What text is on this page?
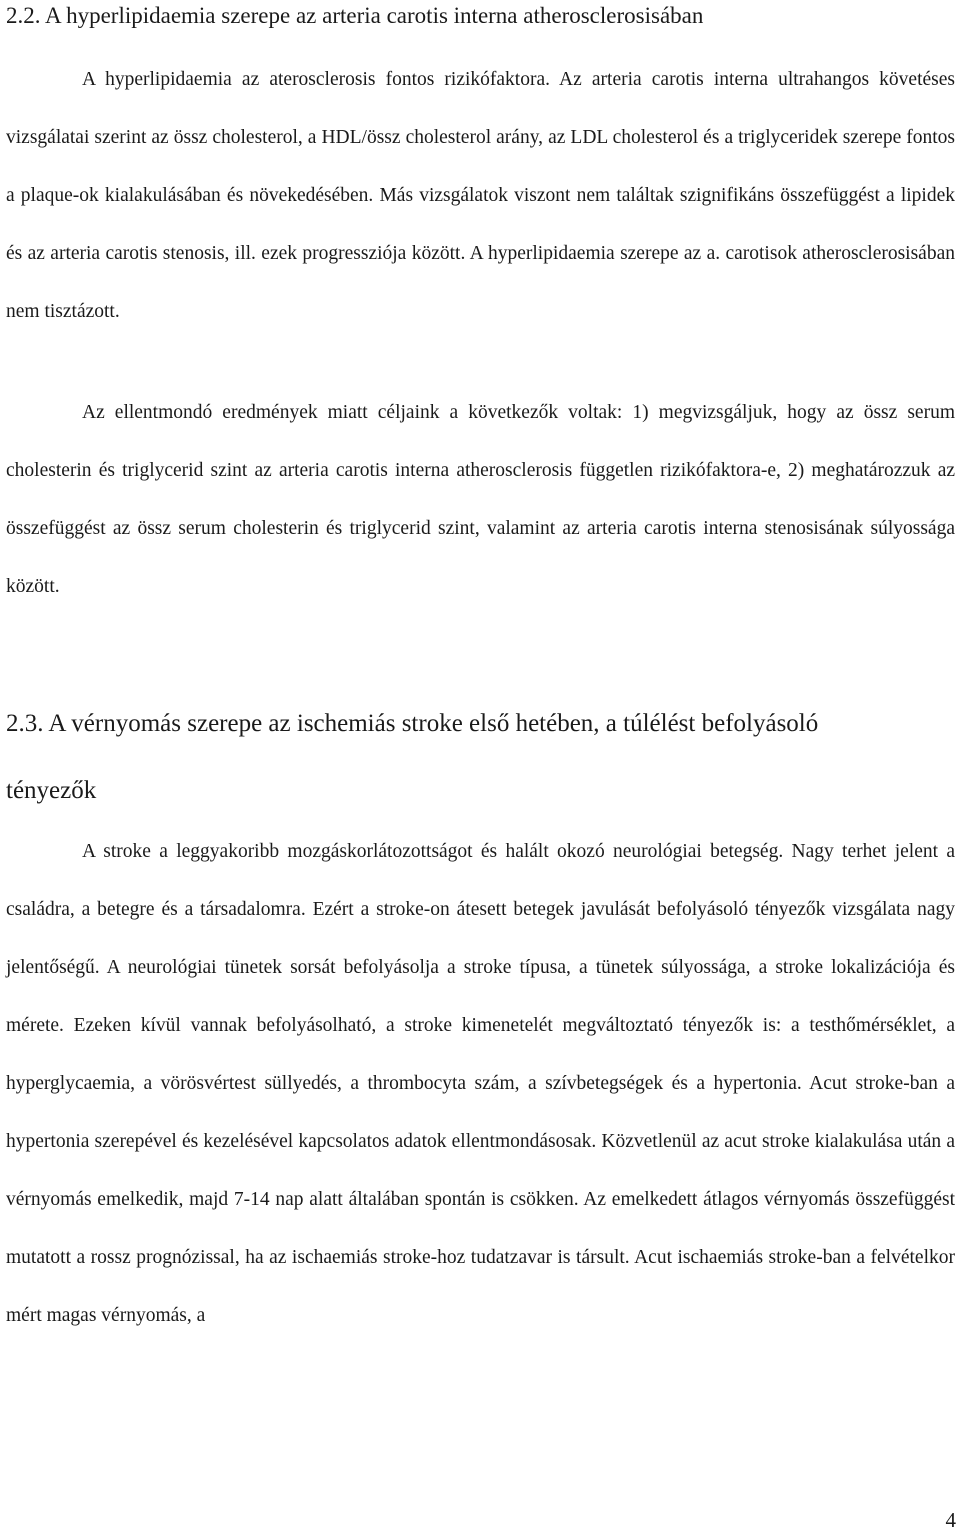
2.2. A hyperlipidaemia szerepe az arteria carotis interna atherosclerosisában

A hyperlipidaemia az aterosclerosis fontos rizikófaktora. Az arteria carotis interna ultrahangos követéses vizsgálatai szerint az össz cholesterol, a HDL/össz cholesterol arány, az LDL cholesterol és a triglyceridek szerepe fontos a plaque-ok kialakulásában és növekedésében. Más vizsgálatok viszont nem találtak szignifikáns összefüggést a lipidek és az arteria carotis stenosis, ill. ezek progressziója között. A hyperlipidaemia szerepe az a. carotisok atherosclerosisában nem tisztázott.

Az ellentmondó eredmények miatt céljaink a következők voltak: 1) megvizsgáljuk, hogy az össz serum cholesterin és triglycerid szint az arteria carotis interna atherosclerosis független rizikófaktora-e, 2) meghatározzuk az összefüggést az össz serum cholesterin és triglycerid szint, valamint az arteria carotis interna stenosisának súlyossága között.

2.3. A vérnyomás szerepe az ischemiás stroke első hetében, a túlélést befolyásoló tényezők

A stroke a leggyakoribb mozgáskorlátozottságot és halált okozó neurológiai betegség. Nagy terhet jelent a családra, a betegre és a társadalomra. Ezért a stroke-on átesett betegek javulását befolyásoló tényezők vizsgálata nagy jelentőségű. A neurológiai tünetek sorsát befolyásolja a stroke típusa, a tünetek súlyossága, a stroke lokalizációja és mérete. Ezeken kívül vannak befolyásolható, a stroke kimenetelét megváltoztató tényezők is: a testhőmérséklet, a hyperglycaemia, a vörösvértest süllyedés, a thrombocyta szám, a szívbetegségek és a hypertonia. Acut stroke-ban a hypertonia szerepével és kezelésével kapcsolatos adatok ellentmondásosak. Közvetlenül az acut stroke kialakulása után a vérnyomás emelkedik, majd 7-14 nap alatt általában spontán is csökken. Az emelkedett átlagos vérnyomás összefüggést mutatott a rossz prognózissal, ha az ischaemiás stroke-hoz tudatzavar is társult. Acut ischaemiás stroke-ban a felvételkor mért magas vérnyomás, a

4
